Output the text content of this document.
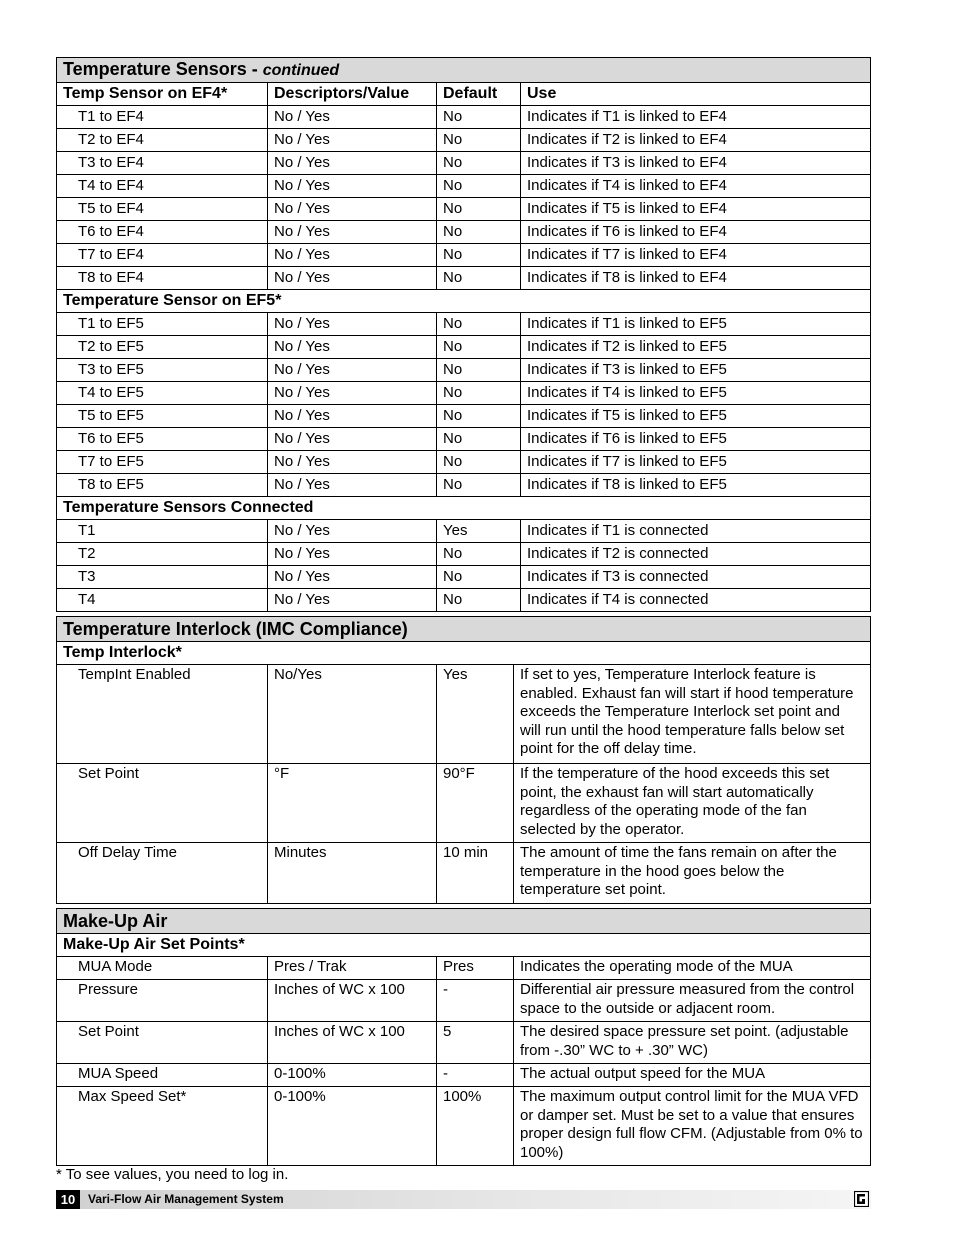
Temperature Sensors - continued			
Temp Sensor on EF4*	Descriptors/Value	Default	Use
T1 to EF4	No / Yes	No	Indicates if T1 is linked to EF4
T2 to EF4	No / Yes	No	Indicates if T2 is linked to EF4
T3 to EF4	No / Yes	No	Indicates if T3 is linked to EF4
T4 to EF4	No / Yes	No	Indicates if T4 is linked to EF4
T5 to EF4	No / Yes	No	Indicates if T5 is linked to EF4
T6 to EF4	No / Yes	No	Indicates if T6 is linked to EF4
T7 to EF4	No / Yes	No	Indicates if T7 is linked to EF4
T8 to EF4	No / Yes	No	Indicates if T8 is linked to EF4
Temperature Sensor on EF5*			
T1 to EF5	No / Yes	No	Indicates if T1 is linked to EF5
T2 to EF5	No / Yes	No	Indicates if T2 is linked to EF5
T3 to EF5	No / Yes	No	Indicates if T3 is linked to EF5
T4 to EF5	No / Yes	No	Indicates if T4 is linked to EF5
T5 to EF5	No / Yes	No	Indicates if T5 is linked to EF5
T6 to EF5	No / Yes	No	Indicates if T6 is linked to EF5
T7 to EF5	No / Yes	No	Indicates if T7 is linked to EF5
T8 to EF5	No / Yes	No	Indicates if T8 is linked to EF5
Temperature Sensors Connected			
T1	No / Yes	Yes	Indicates if T1 is connected
T2	No / Yes	No	Indicates if T2 is connected
T3	No / Yes	No	Indicates if T3 is connected
T4	No / Yes	No	Indicates if T4 is connected
Temperature Interlock (IMC Compliance)			
Temp Interlock*			
TempInt Enabled	No/Yes	Yes	If set to yes, Temperature Interlock feature is enabled. Exhaust fan will start if hood temperature exceeds the Temperature Interlock set point and will run until the hood temperature falls below set point for the off delay time.
Set Point	°F	90°F	If the temperature of the hood exceeds this set point, the exhaust fan will start automatically regardless of the operating mode of the fan selected by the operator.
Off Delay Time	Minutes	10 min	The amount of time the fans remain on after the temperature in the hood goes below the temperature set point.
Make-Up Air			
Make-Up Air Set Points*			
MUA Mode	Pres / Trak	Pres	Indicates the operating mode of the MUA
Pressure	Inches of WC x 100	-	Differential air pressure measured from the control space to the outside or adjacent room.
Set Point	Inches of WC x 100	5	The desired space pressure set point. (adjustable from -.30” WC to + .30” WC)
MUA Speed	0-100%	-	The actual output speed for the MUA
Max Speed Set*	0-100%	100%	The maximum output control limit for the MUA VFD or damper set. Must be set to a value that ensures proper design full flow CFM. (Adjustable from 0% to 100%)
* To see values, you need to log in.
10	Vari-Flow Air Management System
